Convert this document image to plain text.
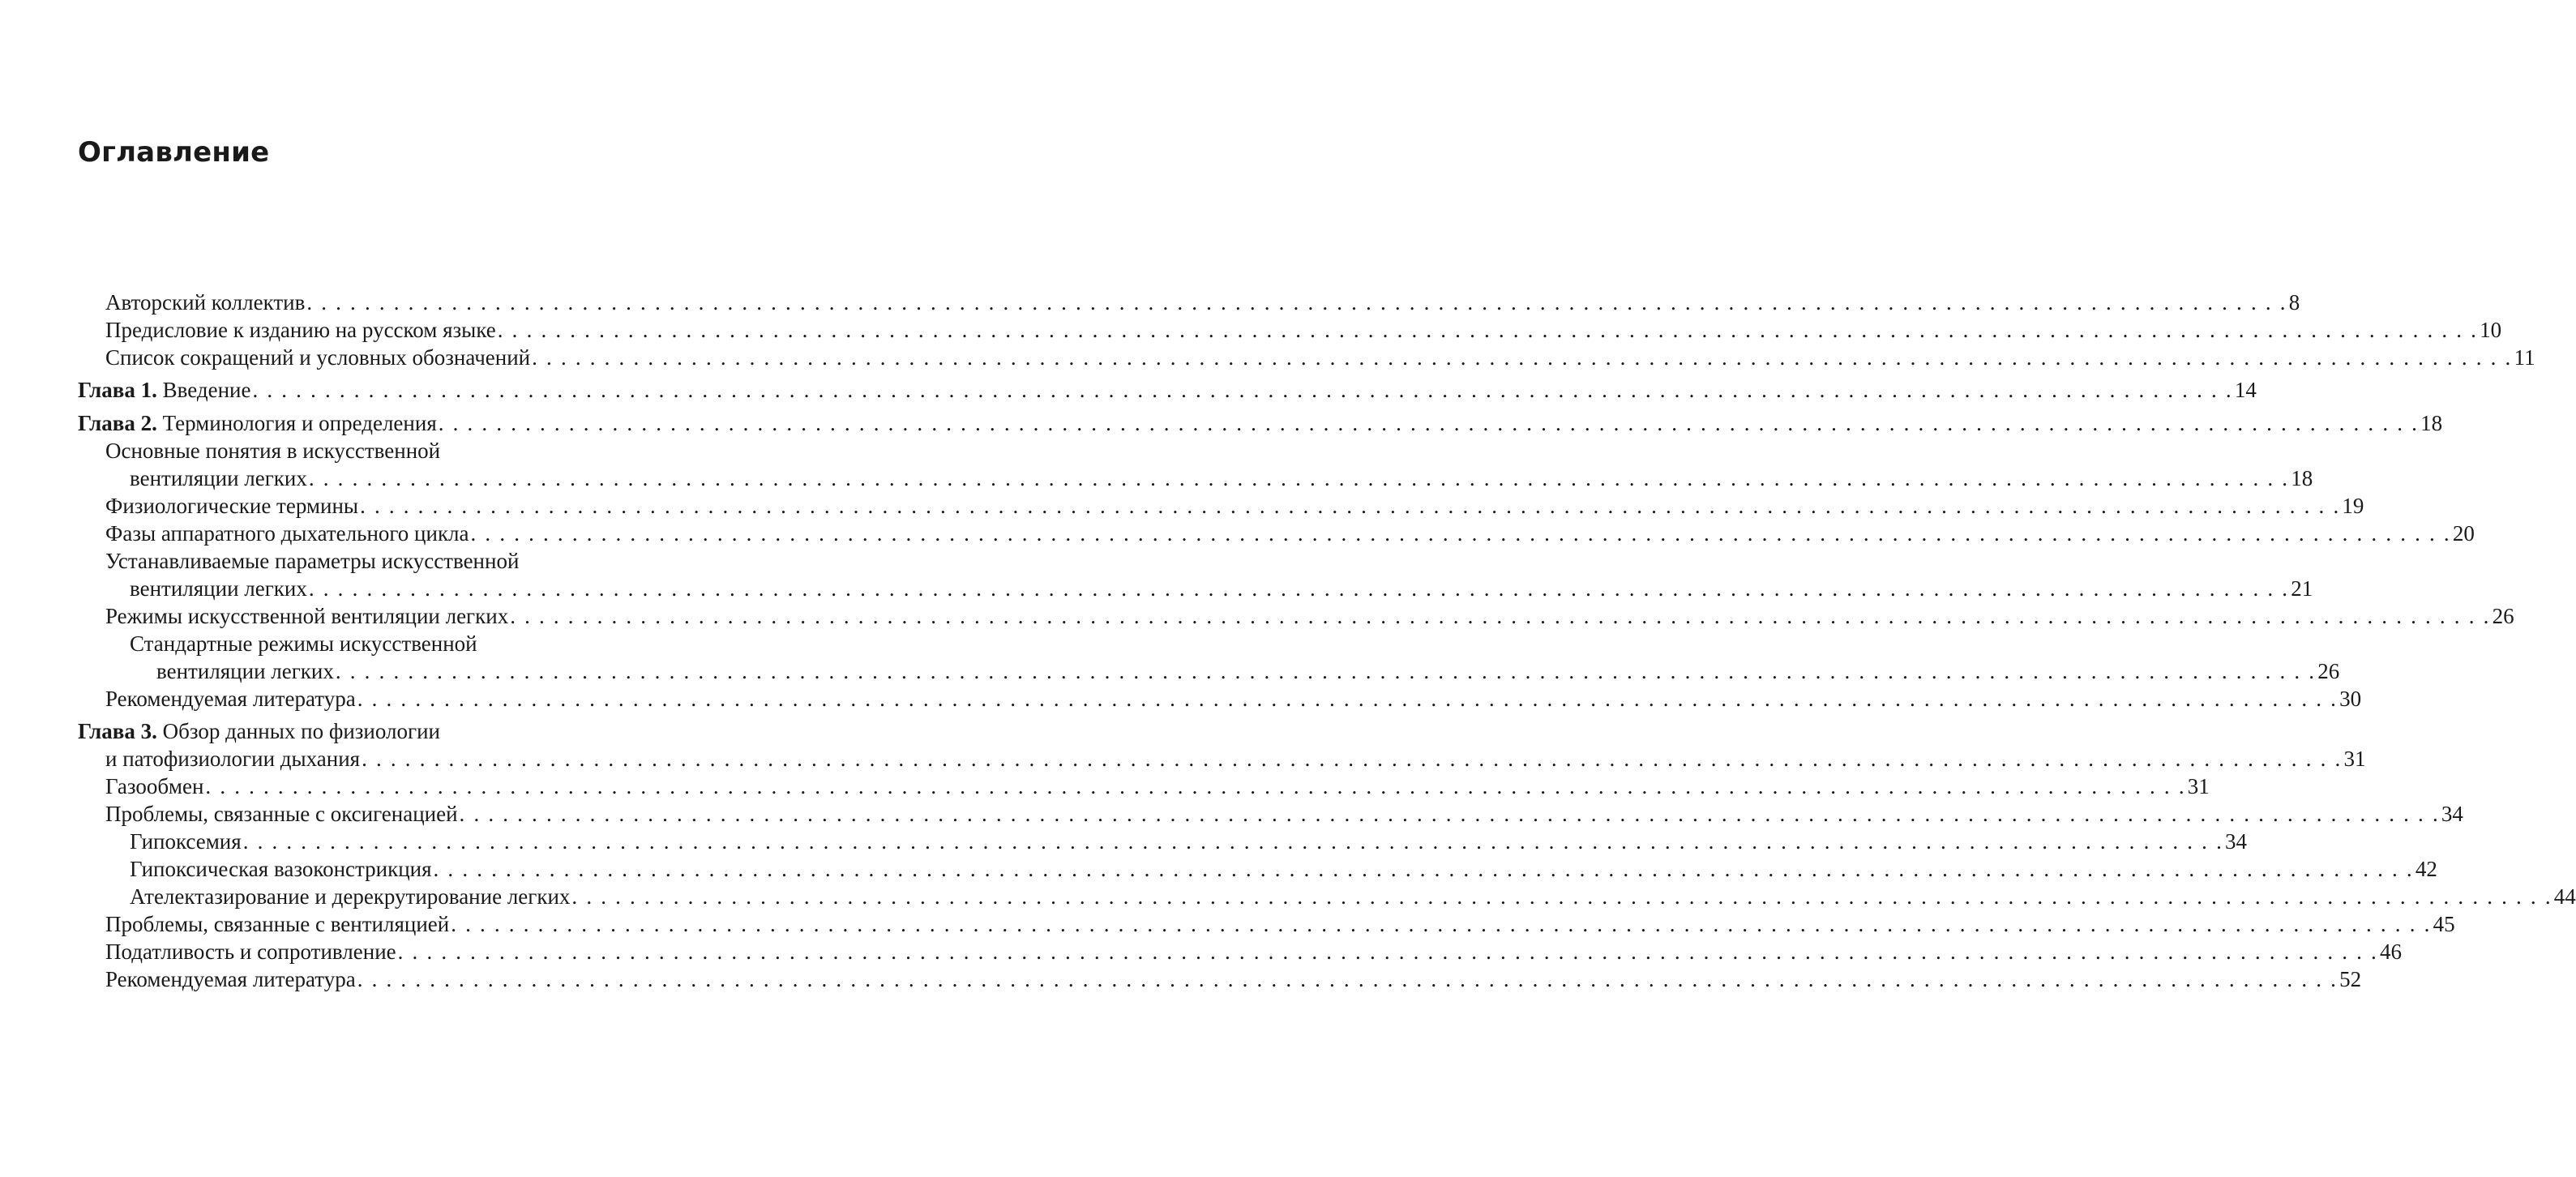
Оглавление
Авторский коллектив . . .	8
Предисловие к изданию на русском языке . . .	10
Список сокращений и условных обозначений . . .	11
Глава 1. Введение . . .	14
Глава 2. Терминология и определения . . .	18
Основные понятия в искусственной
вентиляции легких . . .	18
Физиологические термины . . .	19
Фазы аппаратного дыхательного цикла . . .	20
Устанавливаемые параметры искусственной
вентиляции легких . . .	21
Режимы искусственной вентиляции легких . . .	26
Стандартные режимы искусственной
вентиляции легких . . .	26
Рекомендуемая литература . . .	30
Глава 3. Обзор данных по физиологии
и патофизиологии дыхания . . .	31
Газообмен . . .	31
Проблемы, связанные с оксигенацией . . .	34
Гипоксемия . . .	34
Гипоксическая вазоконстрикция . . .	42
Ателектазирование и дерекрутирование легких . . .	44
Проблемы, связанные с вентиляцией . . .	45
Податливость и сопротивление . . .	46
Рекомендуемая литература . . .	52
